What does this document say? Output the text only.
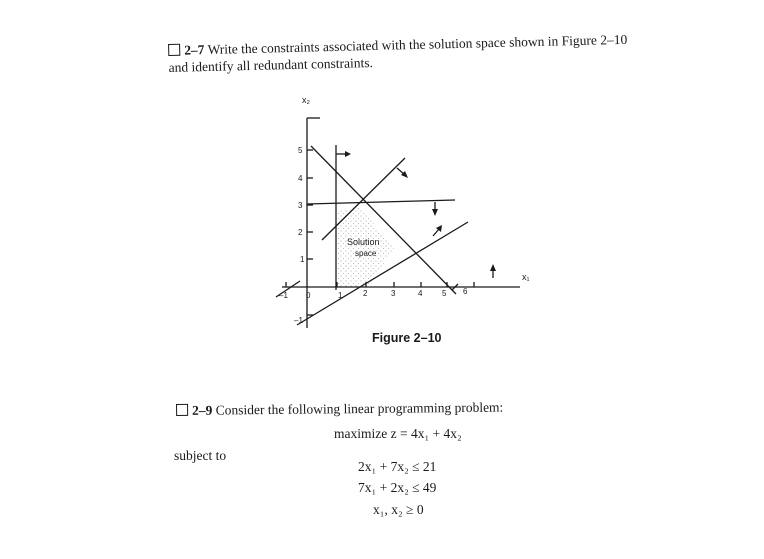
2–7 Write the constraints associated with the solution space shown in Figure 2–10 and identify all redundant constraints.
x₂
x₁
5
4
3
2
1
–1
–1 0	1	2	3	4 5 6
Solution
space
Figure 2–10
2–9 Consider the following linear programming problem:
maximize z = 4x₁ + 4x₂
subject to
2x₁ + 7x₂ ≤ 21
7x₁ + 2x₂ ≤ 49
x₁, x₂ ≥ 0
